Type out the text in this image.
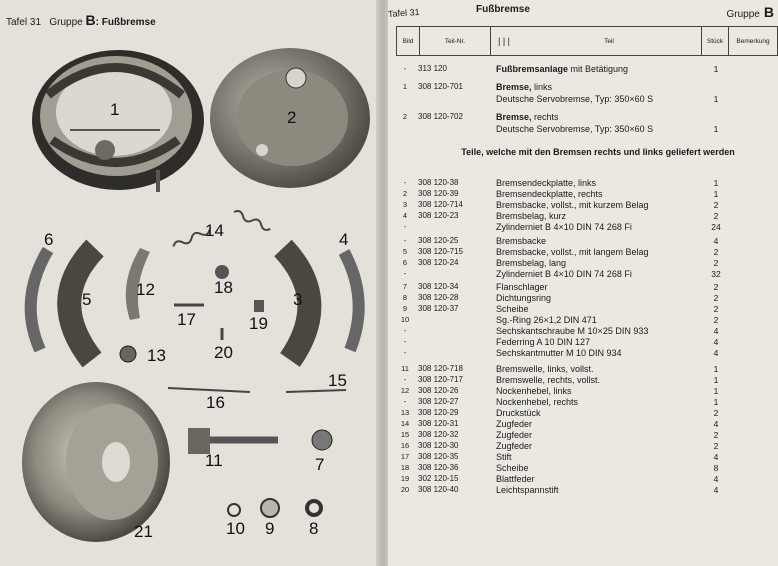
Tafel 31 Gruppe B: Fußbremse
1	2
3
4
5
6
7
8
9
10
11
12
13
14
15
16
17
18
19
20
21
Tafel 31	Fußbremse	Gruppe B
Bild	Teil-Nr.	| | |	Teil	Stück	Bemerkung
-	313 120	Fußbremsanlage mit Betätigung	1
1	308 120-701	Bremse, links
Deutsche Servobremse, Typ: 350×60 S	1
2	308 120-702	Bremse, rechts
Deutsche Servobremse, Typ: 350×60 S	1
Teile, welche mit den Bremsen rechts und links geliefert werden
-	308 120-38	Bremsendeckplatte, links	1
2	308 120-39	Bremsendeckplatte, rechts	1
3	308 120-714	Bremsbacke, vollst., mit kurzem Belag	2
4	308 120-23	Bremsbelag, kurz	2
-	Zylinderniet B 4×10 DIN 74 268 Fi	24
-	308 120-25	Bremsbacke	4
5	308 120-715	Bremsbacke, vollst., mit langem Belag	2
6	308 120-24	Bremsbelag, lang	2
-	Zylinderniet B 4×10 DIN 74 268 Fi	32
7	308 120-34	Flanschlager	2
8	308 120-28	Dichtungsring	2
9	308 120-37	Scheibe	2
10	Sg.-Ring 26×1,2 DIN 471	2
-	Sechskantschraube M 10×25 DIN 933	4
-	Federring A 10 DIN 127	4
-	Sechskantmutter M 10 DIN 934	4
11	308 120-718	Bremswelle, links, vollst.	1
-	308 120-717	Bremswelle, rechts, vollst.	1
12	308 120-26	Nockenhebel, links	1
-	308 120-27	Nockenhebel, rechts	1
13	308 120-29	Druckstück	2
14	308 120-31	Zugfeder	4
15	308 120-32	Zugfeder	2
16	308 120-30	Zugfeder	2
17	308 120-35	Stift	4
18	308 120-36	Scheibe	8
19	302 120-15	Blattfeder	4
20	308 120-40	Leichtspannstift	4
